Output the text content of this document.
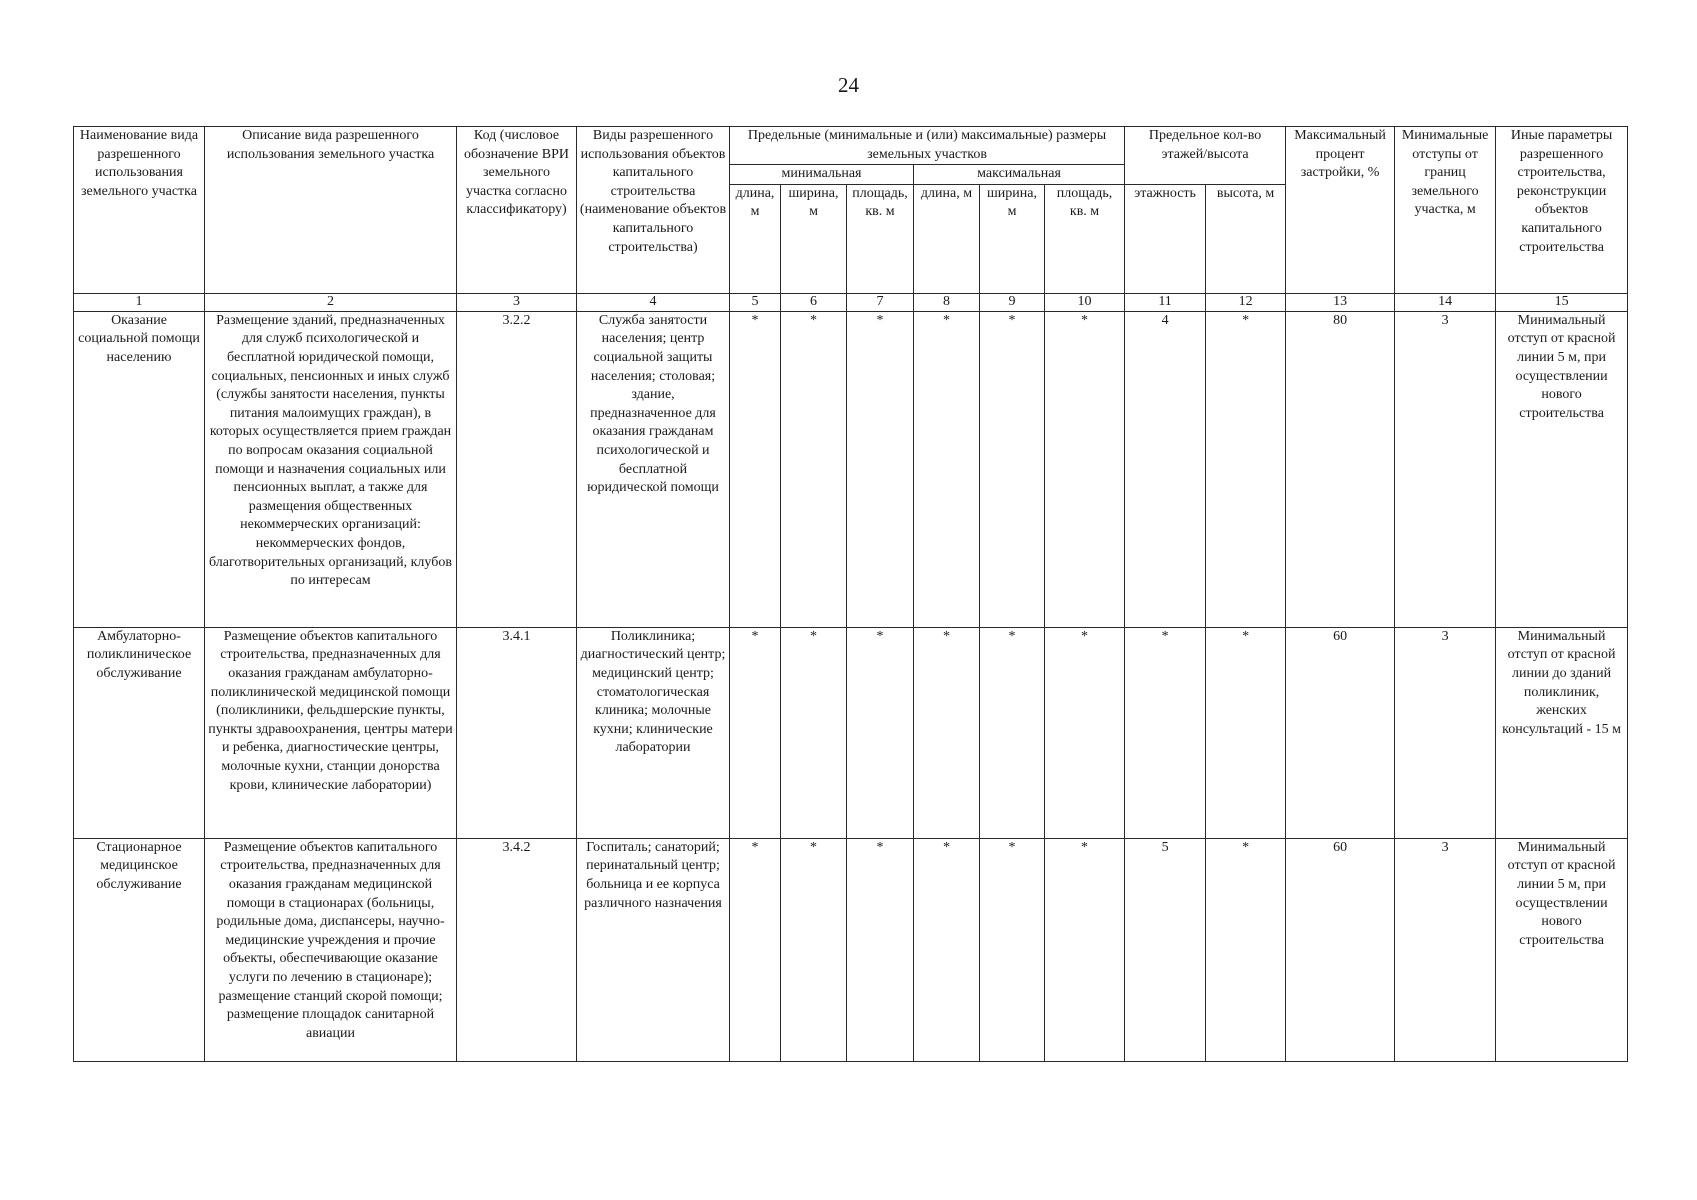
24
Наименование вида разрешенного использования земельного участка	Описание вида разрешенного использования земельного участка	Код (числовое обозначение ВРИ земельного участка согласно классификатору)	Виды разрешенного использования объектов капитального строительства (наименование объектов капитального строительства)	Предельные (минимальные и (или) максимальные) размеры земельных участков						Предельное кол-во этажей/высота		Максимальный процент застройки, %	Минимальные отступы от границ земельного участка, м	Иные параметры разрешенного строительства, реконструкции объектов капитального строительства
				минимальная			максимальная							
				длина, м	ширина, м	площадь, кв. м	длина, м	ширина, м	площадь, кв. м	этажность	высота, м			
1	2	3	4	5	6	7	8	9	10	11	12	13	14	15
Оказание социальной помощи населению	Размещение зданий, предназначенных для служб психологической и бесплатной юридической помощи, социальных, пенсионных и иных служб (службы занятости населения, пункты питания малоимущих граждан), в которых осуществляется прием граждан по вопросам оказания социальной помощи и назначения социальных или пенсионных выплат, а также для размещения общественных некоммерческих организаций: некоммерческих фондов, благотворительных организаций, клубов по интересам	3.2.2	Служба занятости населения; центр социальной защиты населения; столовая; здание, предназначенное для оказания гражданам психологической и бесплатной юридической помощи	*	*	*	*	*	*	4	*	80	3	Минимальный отступ от красной линии 5 м, при осуществлении нового строительства
Амбулаторно-поликлиническое обслуживание	Размещение объектов капитального строительства, предназначенных для оказания гражданам амбулаторно-поликлинической медицинской помощи (поликлиники, фельдшерские пункты, пункты здравоохранения, центры матери и ребенка, диагностические центры, молочные кухни, станции донорства крови, клинические лаборатории)	3.4.1	Поликлиника; диагностический центр; медицинский центр; стоматологическая клиника; молочные кухни; клинические лаборатории	*	*	*	*	*	*	*	*	60	3	Минимальный отступ от красной линии до зданий поликлиник, женских консультаций - 15 м
Стационарное медицинское обслуживание	Размещение объектов капитального строительства, предназначенных для оказания гражданам медицинской помощи в стационарах (больницы, родильные дома, диспансеры, научно-медицинские учреждения и прочие объекты, обеспечивающие оказание услуги по лечению в стационаре); размещение станций скорой помощи; размещение площадок санитарной авиации	3.4.2	Госпиталь; санаторий; перинатальный центр; больница и ее корпуса различного назначения	*	*	*	*	*	*	5	*	60	3	Минимальный отступ от красной линии 5 м, при осуществлении нового строительства
